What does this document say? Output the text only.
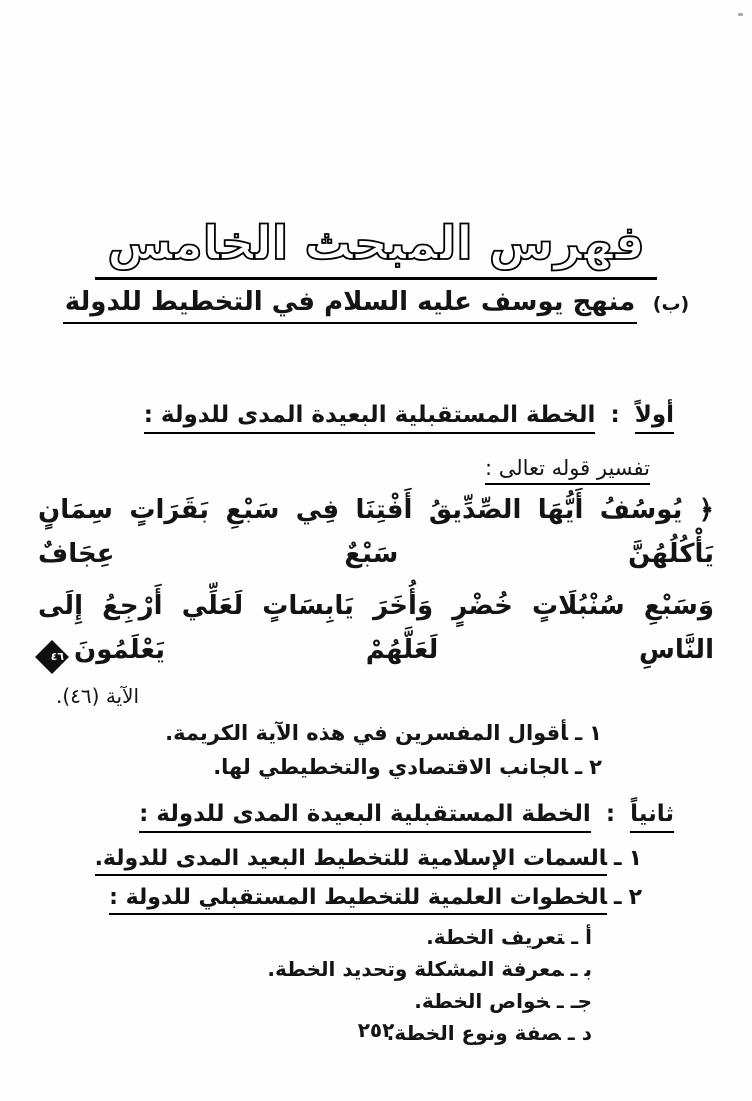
فهرس المبحث الخامس
(ب) منهج يوسف عليه السلام في التخطيط للدولة
أولاً : الخطة المستقبلية البعيدة المدى للدولة :
تفسير قوله تعالى :
﴿ يُوسُفُ أَيُّهَا الصِّدِّيقُ أَفْتِنَا فِي سَبْعِ بَقَرَاتٍ سِمَانٍ يَأْكُلُهُنَّ سَبْعٌ عِجَافٌ
وَسَبْعِ سُنْبُلَاتٍ خُضْرٍ وَأُخَرَ يَابِسَاتٍ لَعَلِّي أَرْجِعُ إِلَى النَّاسِ لَعَلَّهُمْ يَعْلَمُونَ
٤٦
الآية (٤٦).
١ـأقوال المفسرين في هذه الآية الكريمة.
٢ـالجانب الاقتصادي والتخطيطي لها.
ثانياً : الخطة المستقبلية البعيدة المدى للدولة :
١ـالسمات الإسلامية للتخطيط البعيد المدى للدولة.
٢ـالخطوات العلمية للتخطيط المستقبلي للدولة :
أـتعريف الخطة.
بـمعرفة المشكلة وتحديد الخطة.
جــخواص الخطة.
دـصفة ونوع الخطة.
٢٥٢
